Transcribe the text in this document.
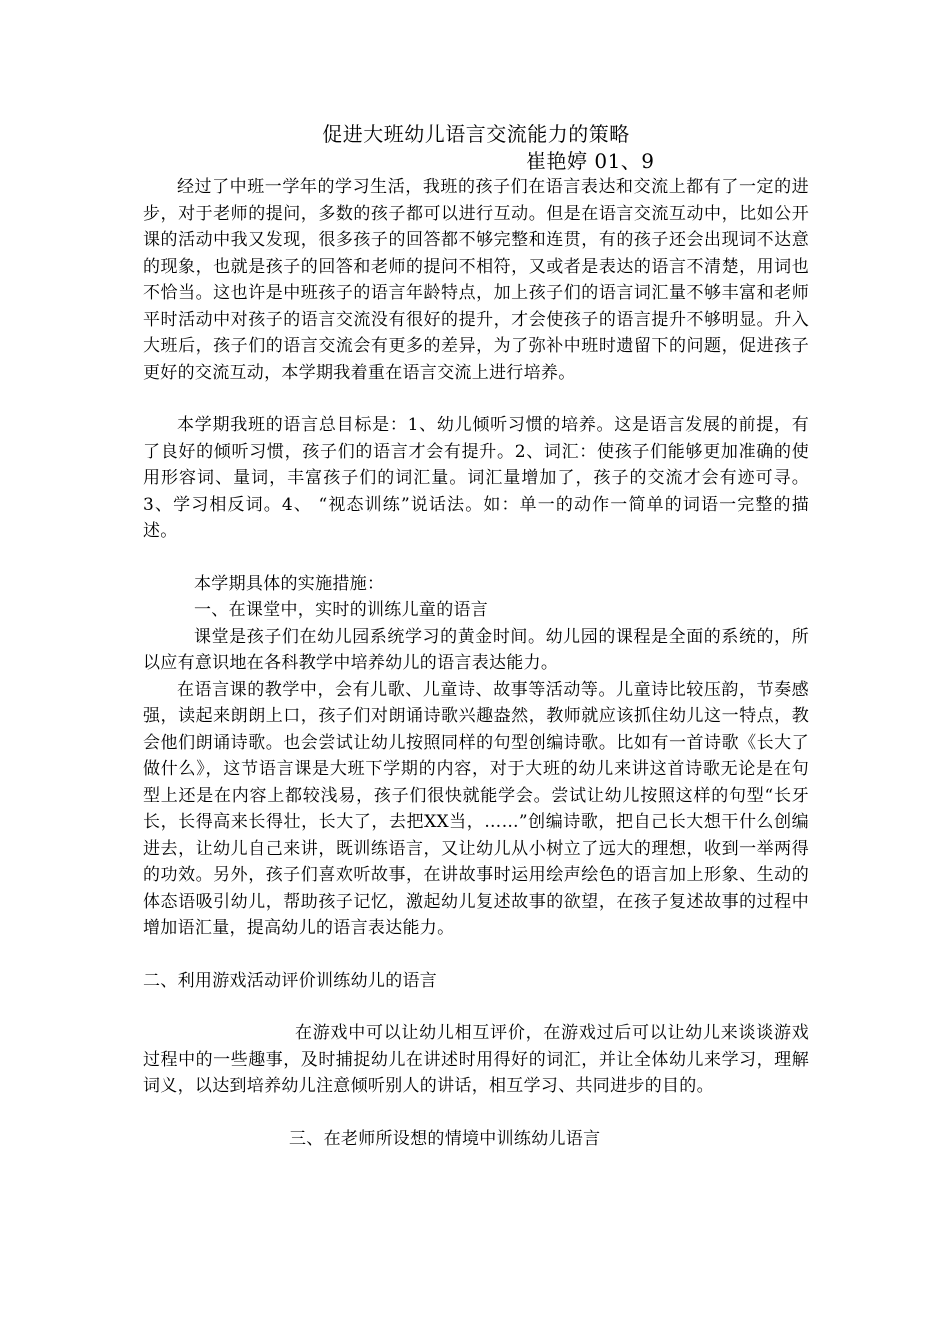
促进大班幼儿语言交流能力的策略

崔艳婷 01、9

经过了中班一学年的学习生活，我班的孩子们在语言表达和交流上都有了一定的进步，对于老师的提问，多数的孩子都可以进行互动。但是在语言交流互动中，比如公开课的活动中我又发现，很多孩子的回答都不够完整和连贯，有的孩子还会出现词不达意的现象，也就是孩子的回答和老师的提问不相符，又或者是表达的语言不清楚，用词也不恰当。这也许是中班孩子的语言年龄特点，加上孩子们的语言词汇量不够丰富和老师平时活动中对孩子的语言交流没有很好的提升，才会使孩子的语言提升不够明显。升入大班后，孩子们的语言交流会有更多的差异，为了弥补中班时遗留下的问题，促进孩子更好的交流互动，本学期我着重在语言交流上进行培养。

本学期我班的语言总目标是：1、幼儿倾听习惯的培养。这是语言发展的前提，有了良好的倾听习惯，孩子们的语言才会有提升。2、词汇：使孩子们能够更加准确的使用形容词、量词，丰富孩子们的词汇量。词汇量增加了，孩子的交流才会有迹可寻。3、学习相反词。4、 “视态训练”说话法。如：单一的动作一简单的词语一完整的描述。

本学期具体的实施措施：

一、在课堂中，实时的训练儿童的语言

课堂是孩子们在幼儿园系统学习的黄金时间。幼儿园的课程是全面的系统的，所以应有意识地在各科教学中培养幼儿的语言表达能力。

在语言课的教学中，会有儿歌、儿童诗、故事等活动等。儿童诗比较压韵，节奏感强，读起来朗朗上口，孩子们对朗诵诗歌兴趣盎然，教师就应该抓住幼儿这一特点，教会他们朗诵诗歌。也会尝试让幼儿按照同样的句型创编诗歌。比如有一首诗歌《长大了做什么》，这节语言课是大班下学期的内容，对于大班的幼儿来讲这首诗歌无论是在句型上还是在内容上都较浅易，孩子们很快就能学会。尝试让幼儿按照这样的句型“长牙长，长得高来长得壮，长大了，去把XX当，……”创编诗歌，把自己长大想干什么创编进去，让幼儿自己来讲，既训练语言，又让幼儿从小树立了远大的理想，收到一举两得的功效。另外，孩子们喜欢听故事，在讲故事时运用绘声绘色的语言加上形象、生动的体态语吸引幼儿，帮助孩子记忆，激起幼儿复述故事的欲望，在孩子复述故事的过程中增加语汇量，提高幼儿的语言表达能力。

二、利用游戏活动评价训练幼儿的语言

在游戏中可以让幼儿相互评价，在游戏过后可以让幼儿来谈谈游戏过程中的一些趣事，及时捕捉幼儿在讲述时用得好的词汇，并让全体幼儿来学习，理解词义，以达到培养幼儿注意倾听别人的讲话，相互学习、共同进步的目的。

三、在老师所设想的情境中训练幼儿语言
